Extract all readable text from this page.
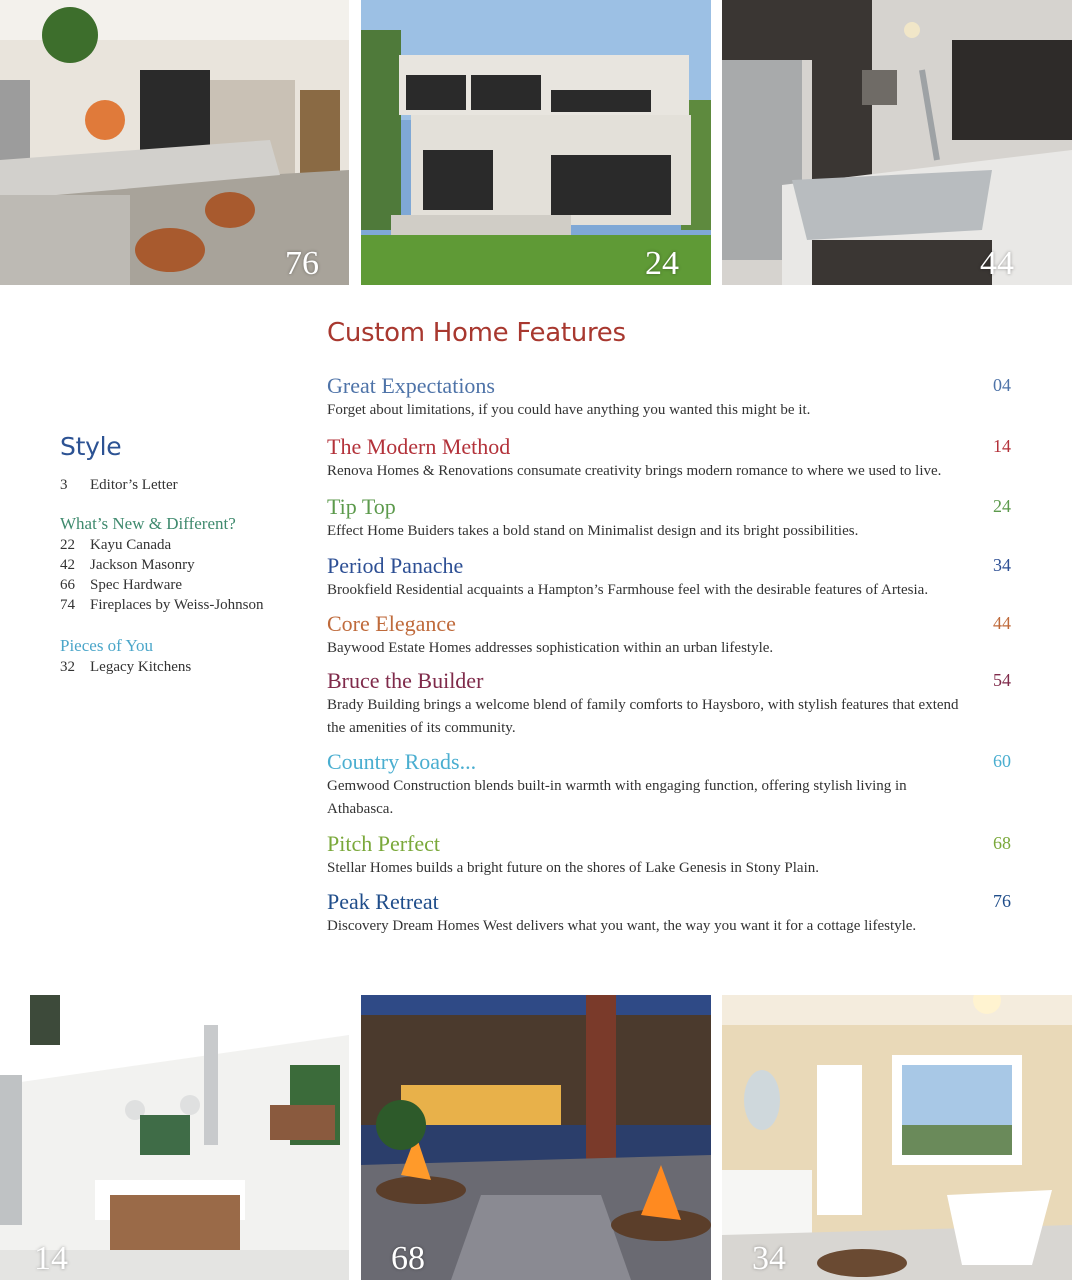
76	24	44
Custom Home Features
Great Expectations	04
Forget about limitations, if you could have anything you wanted this might be it.
The Modern Method	14
Renova Homes & Renovations consumate creativity brings modern romance to where we used to live.
Tip Top	24
Effect Home Buiders takes a bold stand on Minimalist design and its bright possibilities.
Period Panache	34
Brookfield Residential acquaints a Hampton’s Farmhouse feel with the desirable features of Artesia.
Core Elegance	44
Baywood Estate Homes addresses sophistication within an urban lifestyle.
Bruce the Builder	54
Brady Building brings a welcome blend of family comforts to Haysboro, with stylish features that extend the amenities of its community.
Country Roads...	60
Gemwood Construction blends built-in warmth with engaging function, offering stylish living in Athabasca.
Pitch Perfect	68
Stellar Homes builds a bright future on the shores of Lake Genesis in Stony Plain.
Peak Retreat	76
Discovery Dream Homes West delivers what you want, the way you want it for a cottage lifestyle.
Style
3	Editor’s Letter
What’s New & Different?
22	Kayu Canada
42	Jackson Masonry
66	Spec Hardware
74	Fireplaces by Weiss-Johnson
Pieces of You
32	Legacy Kitchens
14	68	34
